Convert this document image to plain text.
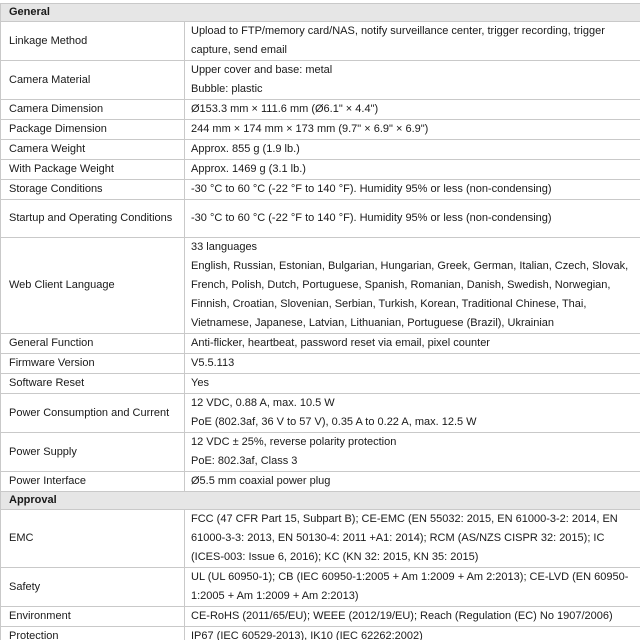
General	
Linkage Method	Upload to FTP/memory card/NAS, notify surveillance center, trigger recording, trigger capture, send email

Camera Material	Upper cover and base: metal
Bubble: plastic

Camera Dimension	Ø153.3 mm × 111.6 mm (Ø6.1" × 4.4")

Package Dimension	244 mm × 174 mm × 173 mm (9.7" × 6.9" × 6.9")

Camera Weight	Approx. 855 g (1.9 lb.)

With Package Weight	Approx. 1469 g (3.1 lb.)

Storage Conditions	-30 °C to 60 °C (-22 °F to 140 °F). Humidity 95% or less (non-condensing)

Startup and Operating Conditions	-30 °C to 60 °C (-22 °F to 140 °F). Humidity 95% or less (non-condensing)

Web Client Language	33 languages
English, Russian, Estonian, Bulgarian, Hungarian, Greek, German, Italian, Czech, Slovak, French, Polish, Dutch, Portuguese, Spanish, Romanian, Danish, Swedish, Norwegian, Finnish, Croatian, Slovenian, Serbian, Turkish, Korean, Traditional Chinese, Thai, Vietnamese, Japanese, Latvian, Lithuanian, Portuguese (Brazil), Ukrainian

General Function	Anti-flicker, heartbeat, password reset via email, pixel counter

Firmware Version	V5.5.113

Software Reset	Yes

Power Consumption and Current	12 VDC, 0.88 A, max. 10.5 W
PoE (802.3af, 36 V to 57 V), 0.35 A to 0.22 A, max. 12.5 W

Power Supply	12 VDC ± 25%, reverse polarity protection
PoE: 802.3af, Class 3

Power Interface	Ø5.5 mm coaxial power plug

Approval	
EMC	FCC (47 CFR Part 15, Subpart B); CE-EMC (EN 55032: 2015, EN 61000-3-2: 2014, EN 61000-3-3: 2013, EN 50130-4: 2011 +A1: 2014); RCM (AS/NZS CISPR 32: 2015); IC (ICES-003: Issue 6, 2016); KC (KN 32: 2015, KN 35: 2015)

Safety	UL (UL 60950-1); CB (IEC 60950-1:2005 + Am 1:2009 + Am 2:2013); CE-LVD (EN 60950-1:2005 + Am 1:2009 + Am 2:2013)

Environment	CE-RoHS (2011/65/EU); WEEE (2012/19/EU); Reach (Regulation (EC) No 1907/2006)

Protection	IP67 (IEC 60529-2013), IK10 (IEC 62262:2002)
